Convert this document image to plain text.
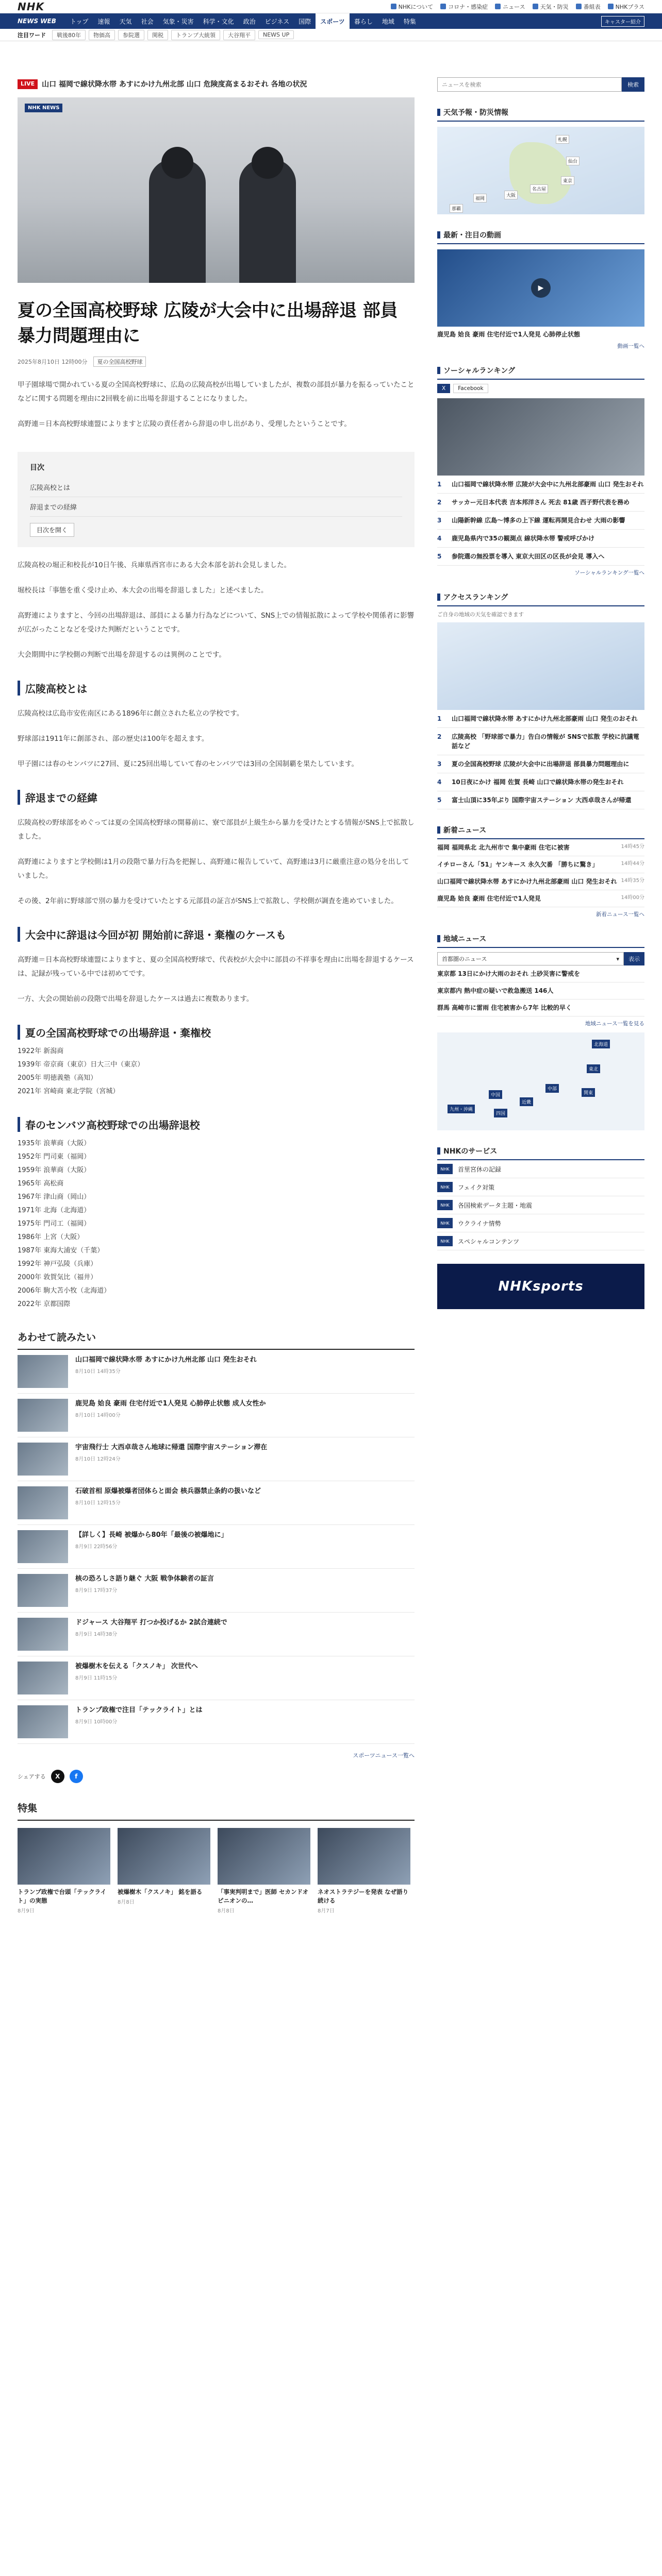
NHK	NHKについて	コロナ・感染症	ニュース	天気・防災	番組表	NHKプラス
NEWS WEB	トップ	速報	天気	社会	気象・災害	科学・文化	政治	ビジネス	国際	スポーツ	暮らし	地域	特集	キャスター紹介
注目ワード	戦後80年	物価高	参院選	関税	トランプ大統領	大谷翔平	NEWS UP
LIVE	山口 福岡で線状降水帯 あすにかけ九州北部 山口 危険度高まるおそれ 各地の状況
NHK NEWS
夏の全国高校野球 広陵が大会中に出場辞退 部員暴力問題理由に
2025年8月10日 12時00分	夏の全国高校野球

甲子園球場で開かれている夏の全国高校野球に、広島の広陵高校が出場していましたが、複数の部員が暴力を振るっていたことなどに関する問題を理由に2回戦を前に出場を辞退することになりました。

高野連＝日本高校野球連盟によりますと広陵の責任者から辞退の申し出があり、受理したということです。

目次
広陵高校とは
辞退までの経緯
目次を開く

広陵高校の堀正和校長が10日午後、兵庫県西宮市にある大会本部を訪れ会見しました。

堀校長は「事態を重く受け止め、本大会の出場を辞退しました」と述べました。

高野連によりますと、今回の出場辞退は、部員による暴力行為などについて、SNS上での情報拡散によって学校や関係者に影響が広がったことなどを受けた判断だということです。

大会期間中に学校側の判断で出場を辞退するのは異例のことです。

広陵高校とは

広陵高校は広島市安佐南区にある1896年に創立された私立の学校です。

野球部は1911年に創部され、部の歴史は100年を超えます。

甲子園には春のセンバツに27回、夏に25回出場していて春のセンバツでは3回の全国制覇を果たしています。

辞退までの経緯

広陵高校の野球部をめぐっては夏の全国高校野球の開幕前に、寮で部員が上級生から暴力を受けたとする情報がSNS上で拡散しました。

高野連によりますと学校側は1月の段階で暴力行為を把握し、高野連に報告していて、高野連は3月に厳重注意の処分を出していました。

その後、2年前に野球部で別の暴力を受けていたとする元部員の証言がSNS上で拡散し、学校側が調査を進めていました。

大会中に辞退は今回が初 開始前に辞退・棄権のケースも

高野連＝日本高校野球連盟によりますと、夏の全国高校野球で、代表校が大会中に部員の不祥事を理由に出場を辞退するケースは、記録が残っている中では初めてです。

一方、大会の開始前の段階で出場を辞退したケースは過去に複数あります。

夏の全国高校野球での出場辞退・棄権校
1922年 新潟商
1939年 帝京商（東京）日大三中（東京）
2005年 明徳義塾（高知）
2021年 宮崎商 東北学院（宮城）
春のセンバツ高校野球での出場辞退校
1935年 浪華商（大阪）
1952年 門司東（福岡）
1959年 浪華商（大阪）
1965年 高松商
1967年 津山商（岡山）
1971年 北海（北海道）
1975年 門司工（福岡）
1986年 上宮（大阪）
1987年 東海大浦安（千葉）
1992年 神戸弘陵（兵庫）
2000年 敦賀気比（福井）
2006年 駒大苫小牧（北海道）
2022年 京都国際
あわせて読みたい
山口福岡で線状降水帯 あすにかけ九州北部 山口 発生おそれ
8月10日 14時35分
鹿児島 姶良 豪雨 住宅付近で1人発見 心肺停止状態 成人女性か
8月10日 14時00分
宇宙飛行士 大西卓哉さん地球に帰還 国際宇宙ステーション滞在
8月10日 12時24分
石破首相 原爆被爆者団体らと面会 核兵器禁止条約の扱いなど
8月10日 12時15分
【詳しく】長崎 被爆から80年「最後の被爆地に」
8月9日 22時56分
核の恐ろしさ語り継ぐ 大阪 戦争体験者の証言
8月9日 17時37分
ドジャース 大谷翔平 打つか投げるか 2試合連続で
8月9日 14時38分
被爆樹木を伝える「クスノキ」 次世代へ
8月9日 11時15分
トランプ政権で注目「テックライト」とは
8月9日 10時00分
スポーツニュース一覧へ
シェアする	X	f
特集
トランプ政権で台頭「テックライト」の実態
8月9日
被爆樹木「クスノキ」 銘を語る
8月8日
「事実判明まで」医師 セカンドオピニオンの…
8月8日
ネオストラテジーを発表 なぜ語り続ける
8月7日
ニュースを検索
検索
天気予報・防災情報
札幌
仙台
東京
名古屋
大阪
福岡
那覇
最新・注目の動画
▶
鹿児島 姶良 豪雨 住宅付近で1人発見 心肺停止状態
動画一覧へ
ソーシャルランキング
X	Facebook
1	山口福岡で線状降水帯 広陵が大会中に九州北部豪雨 山口 発生おそれ
2	サッカー元日本代表 吉本邦洋さん 死去 81歳 西子野代表を務め
3	山陽新幹線 広島〜博多の上下線 運転再開見合わせ 大雨の影響
4	鹿児島県内で35の観測点 線状降水帯 警戒呼びかけ
5	参院選の無投票を導入 東京大田区の区長が会見 導入へ
ソーシャルランキング一覧へ
アクセスランキング
ご自身の地域の天気を確認できます
1	山口福岡で線状降水帯 あすにかけ九州北部豪雨 山口 発生のおそれ
2	広陵高校 「野球部で暴力」告白の情報が SNSで拡散 学校に抗議電話など
3	夏の全国高校野球 広陵が大会中に出場辞退 部員暴力問題理由に
4	10日夜にかけ 福岡 佐賀 長崎 山口で線状降水帯の発生おそれ
5	富士山頂に35年ぶり 国際宇宙ステーション 大西卓哉さんが帰還
新着ニュース
福岡 福岡県北 北九州市で 集中豪雨 住宅に被害	14時45分
イチローさん「51」ヤンキース 永久欠番 「勝ちに驚き」	14時44分
山口福岡で線状降水帯 あすにかけ九州北部豪雨 山口 発生おそれ 14時35分
鹿児島 姶良 豪雨 住宅付近で1人発見	14時00分
新着ニュース一覧へ
地域ニュース
首都圏のニュース	▾	表示
東京都 13日にかけ大雨のおそれ 土砂災害に警戒を
東京都内 熱中症の疑いで救急搬送 146人
群馬 高崎市に雷雨 住宅被害から7年 比較的早く
地域ニュース一覧を見る
北海道
東北
関東
中部
近畿
中国
四国
九州・沖縄
NHKのサービス
NHK	首里宮休の記録
NHK	フェイク対策
NHK	各国検索データ主題・地震
NHK	ウクライナ情勢
NHK	スペシャルコンテンツ
NHKsports
